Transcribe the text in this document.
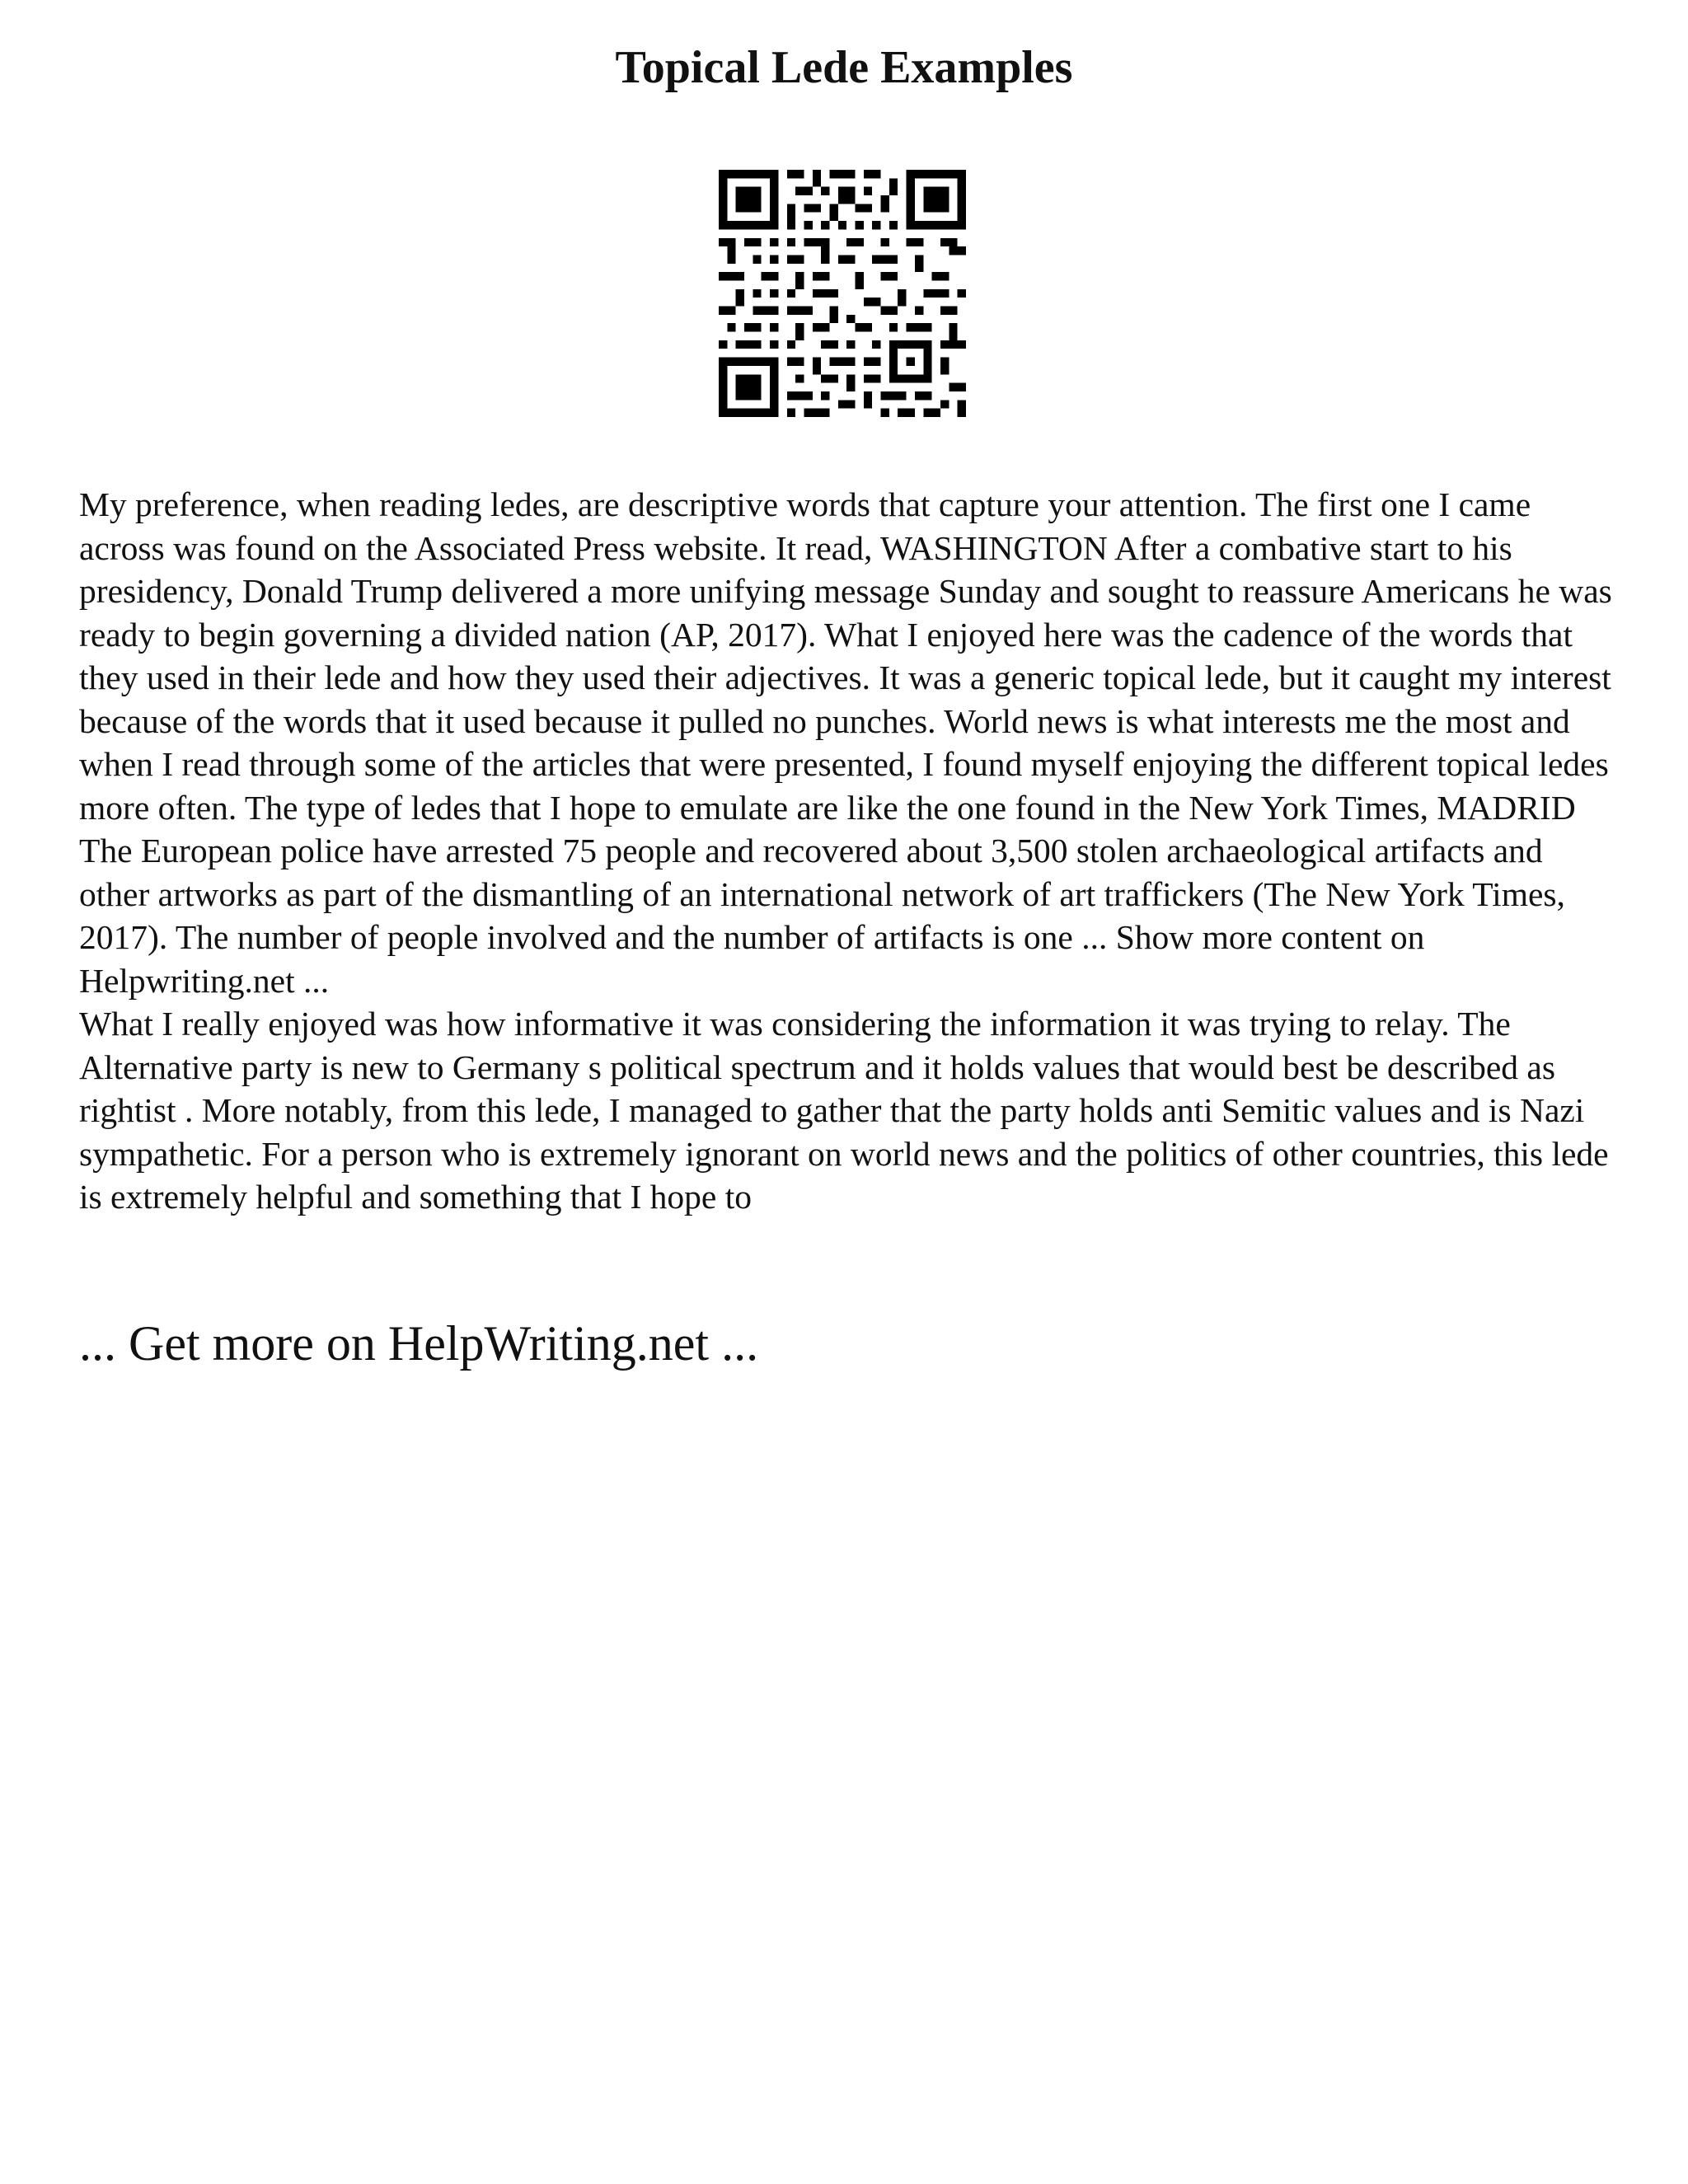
Topical Lede Examples

My preference, when reading ledes, are descriptive words that capture your attention. The first one I came across was found on the Associated Press website. It read, WASHINGTON After a combative start to his presidency, Donald Trump delivered a more unifying message Sunday and sought to reassure Americans he was ready to begin governing a divided nation (AP, 2017). What I enjoyed here was the cadence of the words that they used in their lede and how they used their adjectives. It was a generic topical lede, but it caught my interest because of the words that it used because it pulled no punches. World news is what interests me the most and when I read through some of the articles that were presented, I found myself enjoying the different topical ledes more often. The type of ledes that I hope to emulate are like the one found in the New York Times, MADRID The European police have arrested 75 people and recovered about 3,500 stolen archaeological artifacts and other artworks as part of the dismantling of an international network of art traffickers (The New York Times, 2017). The number of people involved and the number of artifacts is one ... Show more content on Helpwriting.net ...

What I really enjoyed was how informative it was considering the information it was trying to relay. The Alternative party is new to Germany s political spectrum and it holds values that would best be described as rightist . More notably, from this lede, I managed to gather that the party holds anti Semitic values and is Nazi sympathetic. For a person who is extremely ignorant on world news and the politics of other countries, this lede is extremely helpful and something that I hope to

... Get more on HelpWriting.net ...
